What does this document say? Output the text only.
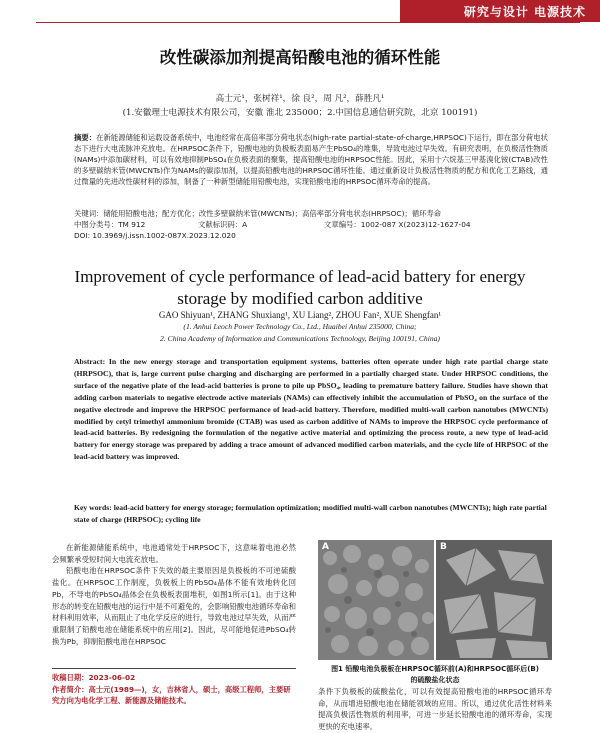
研究与设计 电源技术
改性碳添加剂提高铅酸电池的循环性能
高士元¹，张树祥¹，徐 良²，周 凡²，薛胜凡¹
(1.安徽理士电源技术有限公司，安徽 淮北 235000；2.中国信息通信研究院，北京 100191)
摘要：在新能源储能和运载设备系统中，电池经常在高倍率部分荷电状态(high-rate partial-state-of-charge,HRPSOC)下运行，即在部分荷电状态下进行大电流脉冲充放电。在HRPSOC条件下，铅酸电池的负极板表面易产生PbSO₄的堆集，导致电池过早失效。有研究表明，在负极活性物质(NAMs)中添加碳材料，可以有效地抑制PbSO₄在负极表面的聚集，提高铅酸电池的HRPSOC性能。因此，采用十六烷基三甲基溴化铵(CTAB)改性的多壁碳纳米管(MWCNTs)作为NAMs的碳添加剂，以提高铅酸电池的HRPSOC循环性能。通过重新设计负极活性物质的配方和优化工艺路线，通过微量的先进改性碳材料的添加，制备了一种新型储能用铅酸电池，实现铅酸电池的HRPSOC循环寿命的提高。
关键词：储能用铅酸电池；配方优化；改性多壁碳纳米管(MWCNTs)；高倍率部分荷电状态(HRPSOC)；循环寿命
中图分类号：TM 912	文献标识码：A	文章编号：1002-087 X(2023)12-1627-04
DOI: 10.3969/j.issn.1002-087X.2023.12.020
Improvement of cycle performance of lead-acid battery for energy
storage by modified carbon additive
GAO Shiyuan¹, ZHANG Shuxiang¹, XU Liang², ZHOU Fan², XUE Shengfan¹
(1. Anhui Leoch Power Technology Co., Ltd., Huaibei Anhui 235000, China;
2. China Academy of Information and Communications Technology, Beijing 100191, China)
Abstract: In the new energy storage and transportation equipment systems, batteries often operate under high rate partial charge state (HRPSOC), that is, large current pulse charging and discharging are performed in a partially charged state. Under HRPSOC conditions, the surface of the negative plate of the lead-acid batteries is prone to pile up PbSO₄, leading to premature battery failure. Studies have shown that adding carbon materials to negative electrode active materials (NAMs) can effectively inhibit the accumulation of PbSO₄ on the surface of the negative electrode and improve the HRPSOC performance of lead-acid battery. Therefore, modified multi-wall carbon nanotubes (MWCNTs) modified by cetyl trimethyl ammonium bromide (CTAB) was used as carbon additive of NAMs to improve the HRPSOC cycle performance of lead-acid batteries. By redesigning the formulation of the negative active material and optimizing the process route, a new type of lead-acid battery for energy storage was prepared by adding a trace amount of advanced modified carbon materials, and the cycle life of HRPSOC of the lead-acid battery was improved.
Key words: lead-acid battery for energy storage; formulation optimization; modified multi-wall carbon nanotubes (MWCNTs); high rate partial state of charge (HRPSOC); cycling life

在新能源储能系统中，电池通常处于HRPSOC下，这意味着电池必然会频繁承受短时间大电流充放电。

铅酸电池在HRPSOC条件下失效的最主要原因是负极板的不可逆硫酸盐化。在HRPSOC工作制度，负极板上的PbSO₄晶体不能有效地转化回Pb，不导电的PbSO₄晶体会在负极板表面堆积，如图1所示[1]。由于这种形态的转变在铅酸电池的运行中是不可避免的，会影响铅酸电池循环寿命和材料利用效率，从而阻止了电化学反应的进行，导致电池过早失效，从而严重限制了铅酸电池在储能系统中的应用[2]。因此，尽可能地促进PbSO₄转换为Pb，抑制铅酸电池在HRPSOC

收稿日期：2023-06-02
作者简介：高士元(1989—)，女，吉林省人，硕士，高级工程师，主要研究方向为电化学工程、新能源及储能技术。
A	B
图1 铅酸电池负极板在HRPSOC循环前(A)和HRPSOC循环后(B)的硫酸盐化状态
条件下负极板的硫酸盐化，可以有效提高铅酸电池的HRPSOC循环寿命，从而增进铅酸电池在储能领域的应用。所以，通过优化活性材料来提高负极活性物质的利用率，可进一步延长铅酸电池的循环寿命，实现更快的充电速率。
